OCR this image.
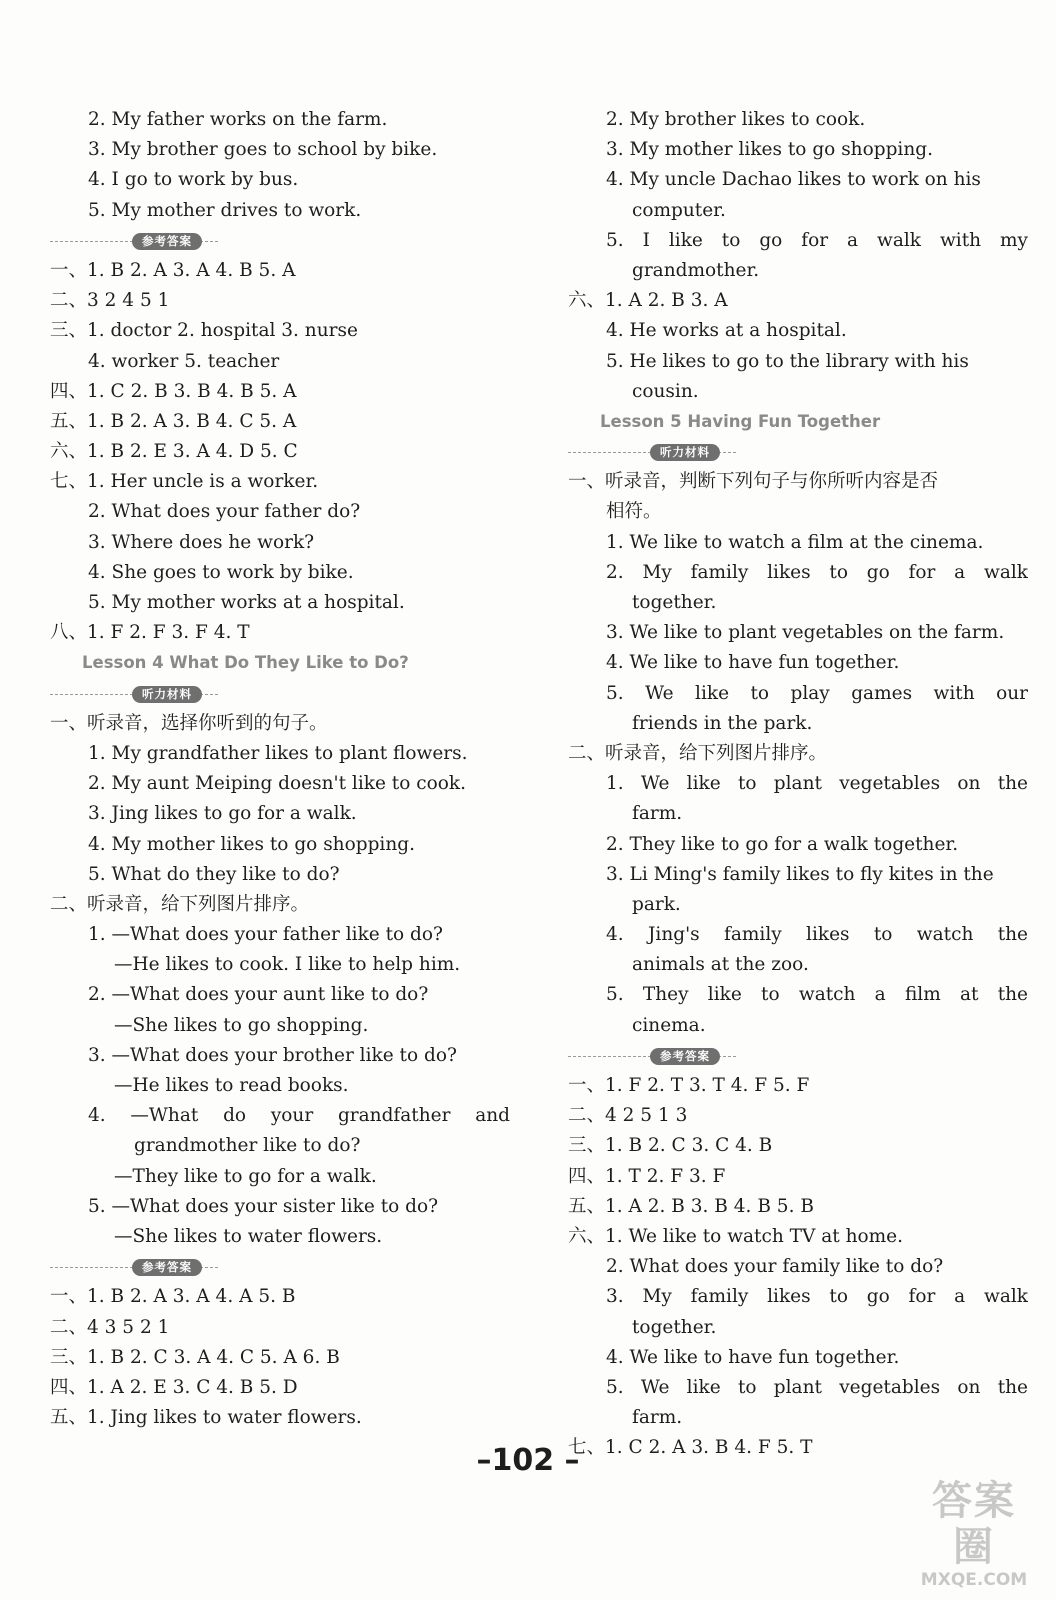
2. My father works on the farm.
3. My brother goes to school by bike.
4. I go to work by bus.
5. My mother drives to work.
参考答案
一、1. B 2. A 3. A 4. B 5. A
二、3 2 4 5 1
三、1. doctor 2. hospital 3. nurse
4. worker 5. teacher
四、1. C 2. B 3. B 4. B 5. A
五、1. B 2. A 3. B 4. C 5. A
六、1. B 2. E 3. A 4. D 5. C
七、1. Her uncle is a worker.
2. What does your father do?
3. Where does he work?
4. She goes to work by bike.
5. My mother works at a hospital.
八、1. F 2. F 3. F 4. T
Lesson 4 What Do They Like to Do?
听力材料
一、听录音，选择你听到的句子。
1. My grandfather likes to plant flowers.
2. My aunt Meiping doesn't like to cook.
3. Jing likes to go for a walk.
4. My mother likes to go shopping.
5. What do they like to do?
二、听录音，给下列图片排序。
1. —What does your father like to do?
—He likes to cook. I like to help him.
2. —What does your aunt like to do?
—She likes to go shopping.
3. —What does your brother like to do?
—He likes to read books.
4. —What do your grandfather and
grandmother like to do?
—They like to go for a walk.
5. —What does your sister like to do?
—She likes to water flowers.
参考答案
一、1. B 2. A 3. A 4. A 5. B
二、4 3 5 2 1
三、1. B 2. C 3. A 4. C 5. A 6. B
四、1. A 2. E 3. C 4. B 5. D
五、1. Jing likes to water flowers.
2. My brother likes to cook.
3. My mother likes to go shopping.
4. My uncle Dachao likes to work on his
computer.
5. I like to go for a walk with my
grandmother.
六、1. A 2. B 3. A
4. He works at a hospital.
5. He likes to go to the library with his
cousin.
Lesson 5 Having Fun Together
听力材料
一、听录音，判断下列句子与你所听内容是否
相符。
1. We like to watch a film at the cinema.
2. My family likes to go for a walk
together.
3. We like to plant vegetables on the farm.
4. We like to have fun together.
5. We like to play games with our
friends in the park.
二、听录音，给下列图片排序。
1. We like to plant vegetables on the
farm.
2. They like to go for a walk together.
3. Li Ming's family likes to fly kites in the
park.
4. Jing's family likes to watch the
animals at the zoo.
5. They like to watch a film at the
cinema.
参考答案
一、1. F 2. T 3. T 4. F 5. F
二、4 2 5 1 3
三、1. B 2. C 3. C 4. B
四、1. T 2. F 3. F
五、1. A 2. B 3. B 4. B 5. B
六、1. We like to watch TV at home.
2. What does your family like to do?
3. My family likes to go for a walk
together.
4. We like to have fun together.
5. We like to plant vegetables on the
farm.
七、1. C 2. A 3. B 4. F 5. T
–102 –
答案圈
MXQE.COM
